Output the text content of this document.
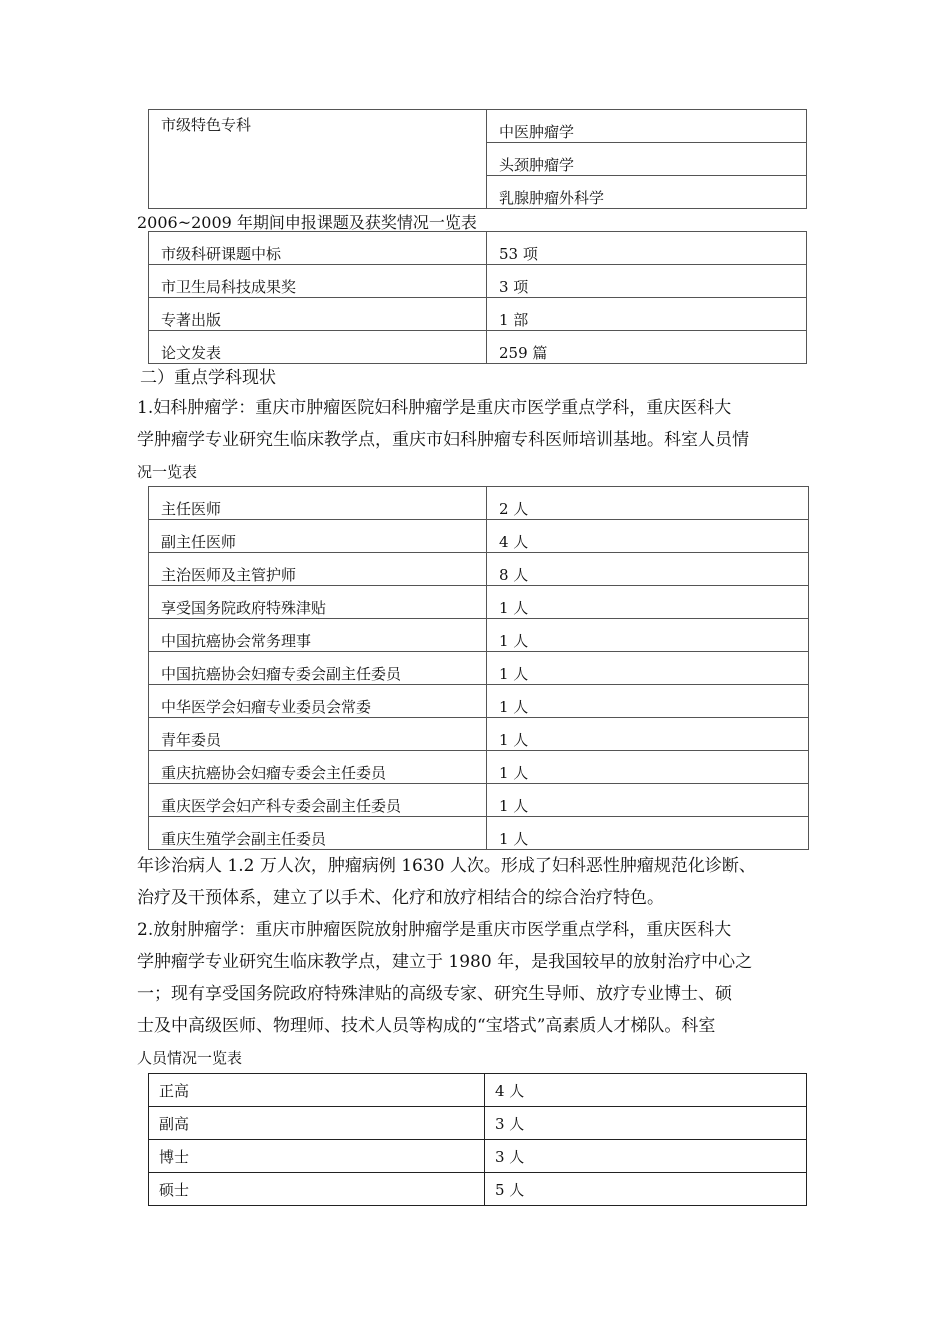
市级特色专科	中医肿瘤学
头颈肿瘤学
乳腺肿瘤外科学
2006~2009 年期间申报课题及获奖情况一览表
市级科研课题中标	53 项
市卫生局科技成果奖	3 项
专著出版	1 部
论文发表	259 篇
二）重点学科现状
1.妇科肿瘤学：重庆市肿瘤医院妇科肿瘤学是重庆市医学重点学科，重庆医科大
学肿瘤学专业研究生临床教学点，重庆市妇科肿瘤专科医师培训基地。科室人员情
况一览表
主任医师	2 人
副主任医师	4 人
主治医师及主管护师	8 人
享受国务院政府特殊津贴	1 人
中国抗癌协会常务理事	1 人
中国抗癌协会妇瘤专委会副主任委员	1 人
中华医学会妇瘤专业委员会常委	1 人
青年委员	1 人
重庆抗癌协会妇瘤专委会主任委员	1 人
重庆医学会妇产科专委会副主任委员	1 人
重庆生殖学会副主任委员	1 人
年诊治病人 1.2 万人次，肿瘤病例 1630 人次。形成了妇科恶性肿瘤规范化诊断、
治疗及干预体系，建立了以手术、化疗和放疗相结合的综合治疗特色。
2.放射肿瘤学：重庆市肿瘤医院放射肿瘤学是重庆市医学重点学科，重庆医科大
学肿瘤学专业研究生临床教学点，建立于 1980 年，是我国较早的放射治疗中心之
一；现有享受国务院政府特殊津贴的高级专家、研究生导师、放疗专业博士、硕
士及中高级医师、物理师、技术人员等构成的“宝塔式”高素质人才梯队。科室
人员情况一览表
正高	4 人
副高	3 人
博士	3 人
硕士	5 人
